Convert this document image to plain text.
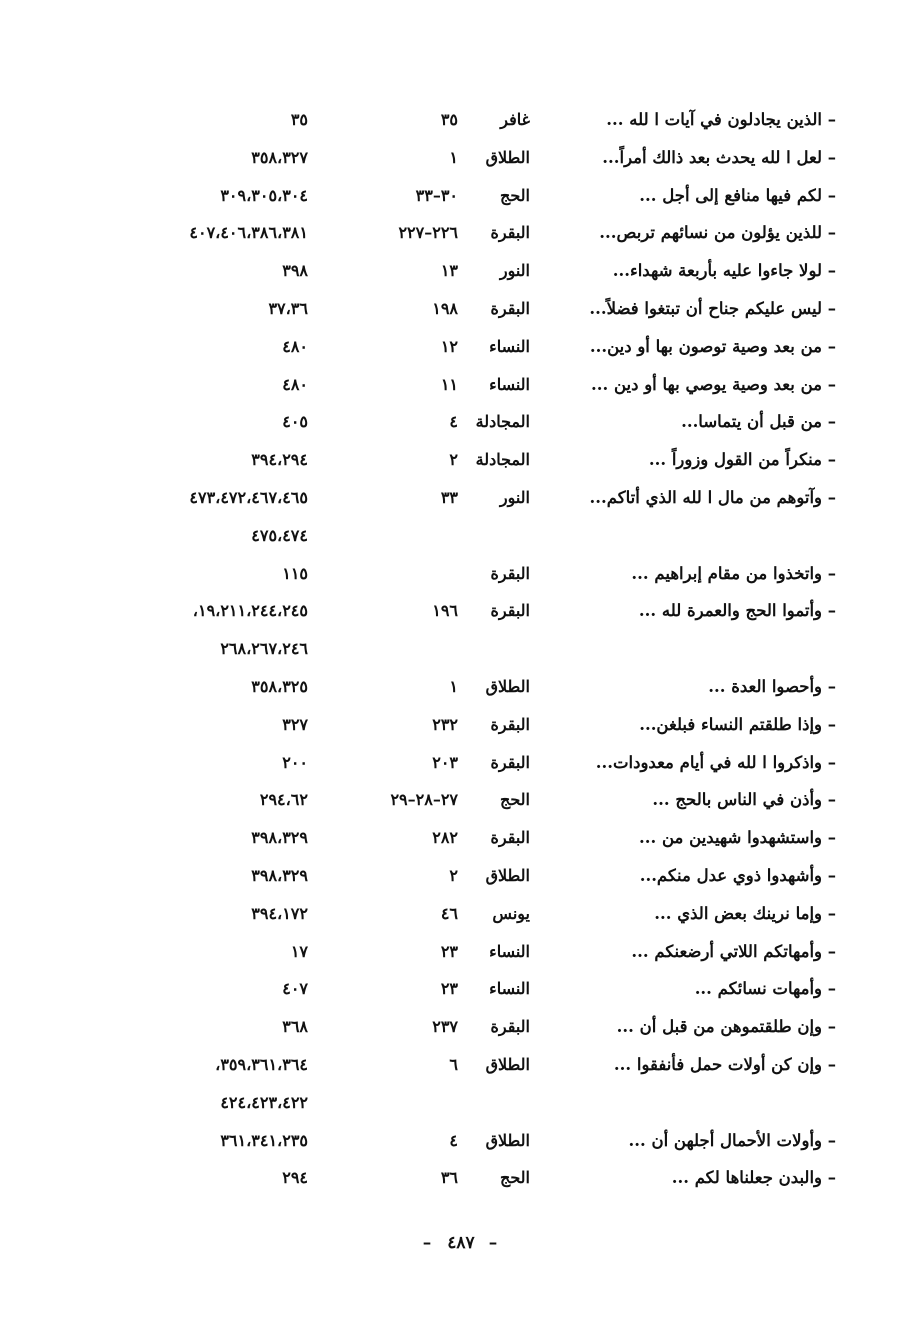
– الذين يجادلون في آيات ا لله ...
غافر
٣٥
٣٥
– لعل ا لله يحدث بعد ذالك أمراً...
الطلاق
١
٣٥٨،٣٢٧
– لكم فيها منافع إلى أجل ...
الحج
٣٠–٣٣
٣٠٩،٣٠٥،٣٠٤
– للذين يؤلون من نسائهم تربص...
البقرة
٢٢٦–٢٢٧
٤٠٧،٤٠٦،٣٨٦،٣٨١
– لولا جاءوا عليه بأربعة شهداء...
النور
١٣
٣٩٨
– ليس عليكم جناح أن تبتغوا فضلاً...
البقرة
١٩٨
٣٧،٣٦
– من بعد وصية توصون بها أو دين...
النساء
١٢
٤٨٠
– من بعد وصية يوصي بها أو دين ...
النساء
١١
٤٨٠
– من قبل أن يتماسا...
المجادلة
٤
٤٠٥
– منكراً من القول وزوراً ...
المجادلة
٢
٣٩٤،٢٩٤
– وآتوهم من مال ا لله الذي أتاكم...
النور
٣٣
٤٧٣،٤٧٢،٤٦٧،٤٦٥
٤٧٥،٤٧٤
– واتخذوا من مقام إبراهيم ...
البقرة
١١٥
– وأتموا الحج والعمرة لله ...
البقرة
١٩٦
١٩،٢١١،٢٤٤،٢٤٥،
٢٦٨،٢٦٧،٢٤٦
– وأحصوا العدة ...
الطلاق
١
٣٥٨،٣٢٥
– وإذا طلقتم النساء فبلغن...
البقرة
٢٣٢
٣٢٧
– واذكروا ا لله في أيام معدودات...
البقرة
٢٠٣
٢٠٠
– وأذن في الناس بالحج ...
الحج
٢٧–٢٨–٢٩
٢٩٤،٦٢
– واستشهدوا شهيدين من ...
البقرة
٢٨٢
٣٩٨،٣٢٩
– وأشهدوا ذوي عدل منكم...
الطلاق
٢
٣٩٨،٣٢٩
– وإما نرينك بعض الذي ...
يونس
٤٦
٣٩٤،١٧٢
– وأمهاتكم اللاتي أرضعنكم ...
النساء
٢٣
١٧
– وأمهات نسائكم ...
النساء
٢٣
٤٠٧
– وإن طلقتموهن من قبل أن ...
البقرة
٢٣٧
٣٦٨
– وإن كن أولات حمل فأنفقوا ...
الطلاق
٦
٣٥٩،٣٦١،٣٦٤،
٤٢٤،٤٢٣،٤٢٢
– وأولات الأحمال أجلهن أن ...
الطلاق
٤
٣٦١،٣٤١،٢٣٥
– والبدن جعلناها لكم ...
الحج
٣٦
٢٩٤
–٤٨٧–
